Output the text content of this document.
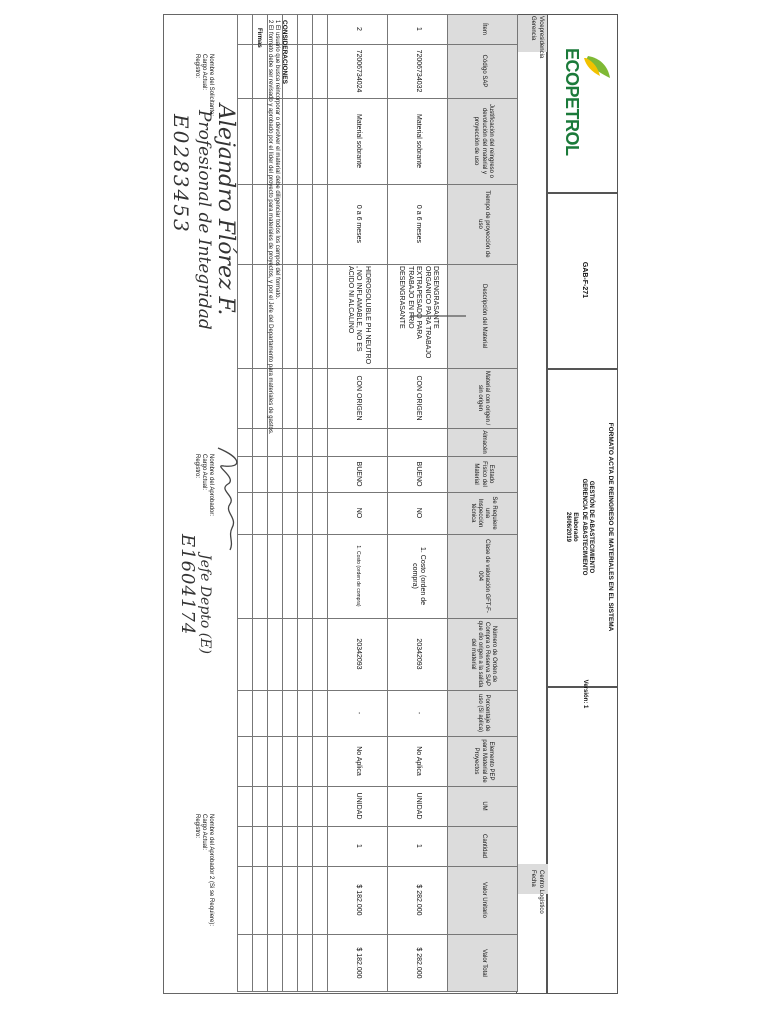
ECOPETROL
GAB-F-271
FORMATO ACTA DE REINGRESO DE MATERIALES EN EL SISTEMA
GESTIÓN DE ABASTECIMIENTO
GERENCIA DE ABASTECIMIENTO
Elaborado
26/06/2019
Versión: 1
Vicepresidencia
Gerencia
Centro Logístico
Fecha
Ítem
Código SAP
Justificación del reingreso o devolución del material y proyección de uso
Tiempo de proyección de uso
Descripción del Material
Material con origen / sin origen
Almacén
Estado Físico del Material
Se Requiere una Inspección técnica
Clase de valoración GFT-F-004
Número de Orden de Compra o Reserva SAP que dio origen a la salida del material
Porcentaje de uso (Si aplica)
Elemento PEP para Material de Proyectos
UM
Cantidad
Valor Unitario
Valor Total
1
72006734032
Material sobrante
0 a 6 meses
DESENGRASANTE ORGANICO PARA TRABAJO EXTRAPESADO PARA TRABAJO EN FRIO DESENGRASANTE
CON ORIGEN
BUENO
NO
1. Costo (orden de compra)
20342093
-
No Aplica
UNIDAD
1
$ 282.000
$ 282.000
2
72006734024
Material sobrante
0 a 6 meses
HIDROSOLUBLE PH NEUTRO , NO INFLAMABLE, NO ES ACIDO NI ALCALINO
CON ORIGEN
BUENO
NO
1. Costo (orden de compra)
20342093
-
No Aplica
UNIDAD
1
$ 182.000
$ 182.000
CONSIDERACIONES
1 El usuario que busca reincorporar o devolver el material debe diligenciar todos los campos del formato.
2 El formato debe ser revisado y aprobado por el líder del proyecto para materiales de proyectos, y por el Jefe del Departamento para materiales de gastos.
Firmas
Nombre del Solicitante:
Cargo Actual:
Registro:
Alejandro Flórez F.
Profesional de Integridad
E0283453
Nombre del Aprobador:
Cargo Actual:
Registro:
Jefe Depto (E)
E1604174
Nombre del Aprobador 2 (Si se Requiere):
Cargo Actual:
Registro:
